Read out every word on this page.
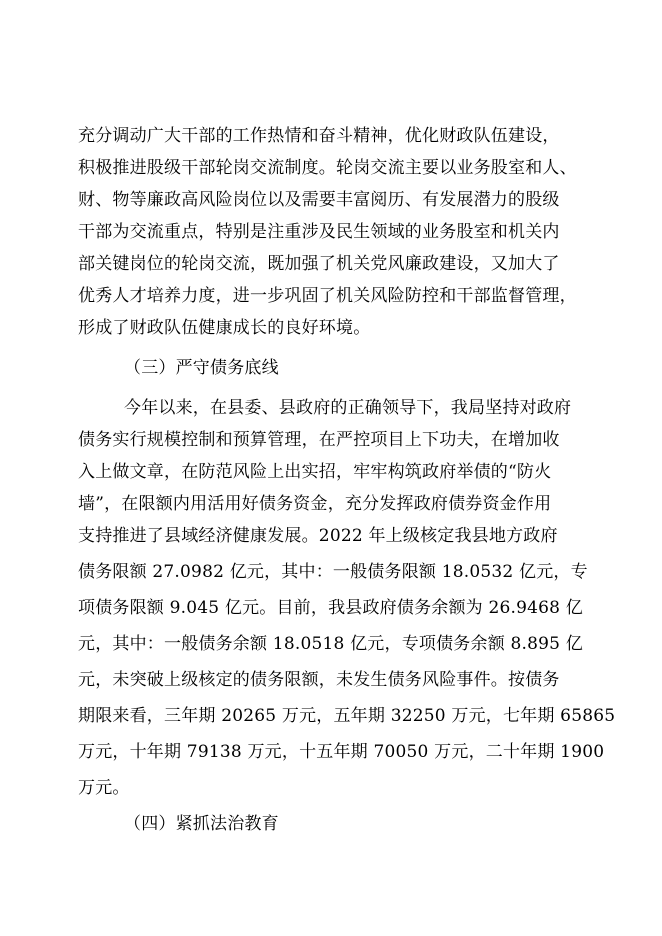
充分调动广大干部的工作热情和奋斗精神，优化财政队伍建设，
积极推进股级干部轮岗交流制度。轮岗交流主要以业务股室和人、
财、物等廉政高风险岗位以及需要丰富阅历、有发展潜力的股级
干部为交流重点，特别是注重涉及民生领域的业务股室和机关内
部关键岗位的轮岗交流，既加强了机关党风廉政建设，又加大了
优秀人才培养力度，进一步巩固了机关风险防控和干部监督管理，
形成了财政队伍健康成长的良好环境。
（三）严守债务底线
今年以来，在县委、县政府的正确领导下，我局坚持对政府
债务实行规模控制和预算管理，在严控项目上下功夫，在增加收
入上做文章，在防范风险上出实招，牢牢构筑政府举债的“防火
墙”，在限额内用活用好债务资金，充分发挥政府债券资金作用
支持推进了县域经济健康发展。2022 年上级核定我县地方政府
债务限额 27.0982 亿元，其中：一般债务限额 18.0532 亿元，专
项债务限额 9.045 亿元。目前，我县政府债务余额为 26.9468 亿
元，其中：一般债务余额 18.0518 亿元，专项债务余额 8.895 亿
元，未突破上级核定的债务限额，未发生债务风险事件。按债务
期限来看，三年期 20265 万元，五年期 32250 万元，七年期 65865
万元，十年期 79138 万元，十五年期 70050 万元，二十年期 1900
万元。
（四）紧抓法治教育
